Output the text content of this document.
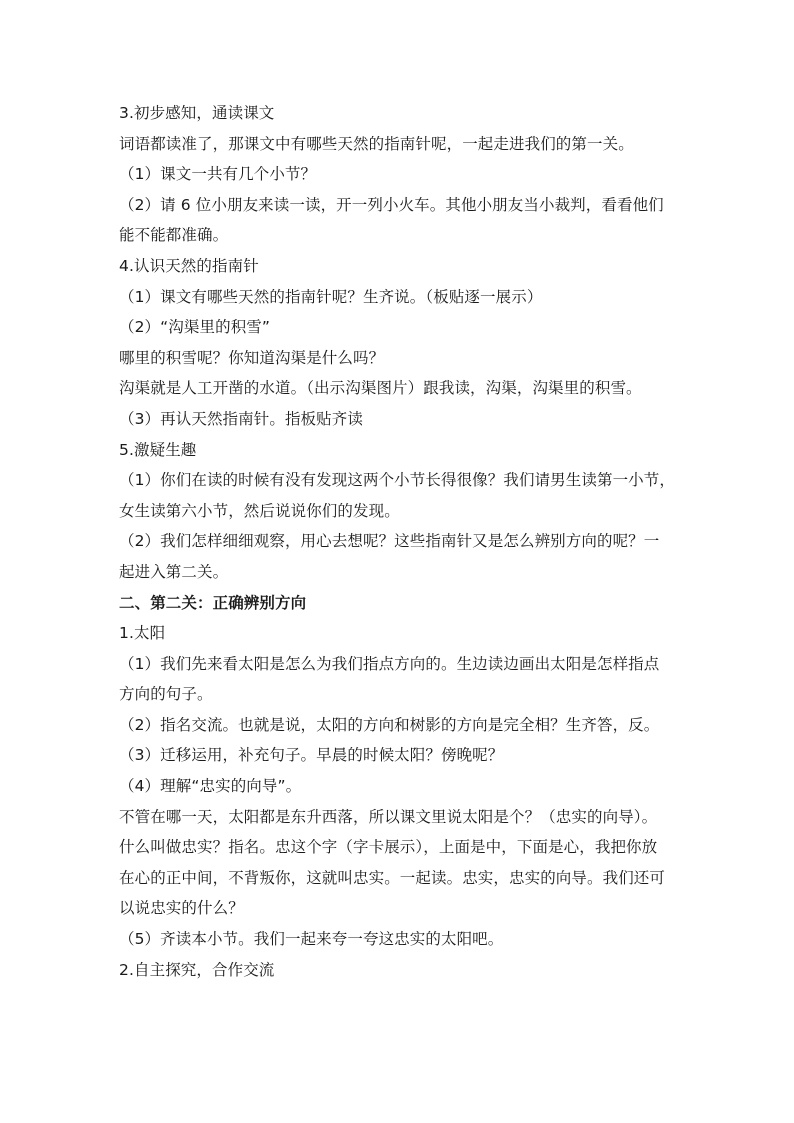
3.初步感知，通读课文
词语都读准了，那课文中有哪些天然的指南针呢，一起走进我们的第一关。
（1）课文一共有几个小节？
（2）请 6 位小朋友来读一读，开一列小火车。其他小朋友当小裁判，看看他们
能不能都准确。
4.认识天然的指南针
（1）课文有哪些天然的指南针呢？生齐说。（板贴逐一展示）
（2）“沟渠里的积雪”
哪里的积雪呢？你知道沟渠是什么吗？
沟渠就是人工开凿的水道。（出示沟渠图片）跟我读，沟渠，沟渠里的积雪。
（3）再认天然指南针。指板贴齐读
5.激疑生趣
（1）你们在读的时候有没有发现这两个小节长得很像？我们请男生读第一小节，
女生读第六小节，然后说说你们的发现。
（2）我们怎样细细观察，用心去想呢？这些指南针又是怎么辨别方向的呢？一
起进入第二关。
二、第二关：正确辨别方向
1.太阳
（1）我们先来看太阳是怎么为我们指点方向的。生边读边画出太阳是怎样指点
方向的句子。
（2）指名交流。也就是说，太阳的方向和树影的方向是完全相？生齐答，反。
（3）迁移运用，补充句子。早晨的时候太阳？傍晚呢？
（4）理解“忠实的向导”。
不管在哪一天，太阳都是东升西落，所以课文里说太阳是个？（忠实的向导）。
什么叫做忠实？指名。忠这个字（字卡展示），上面是中，下面是心，我把你放
在心的正中间，不背叛你，这就叫忠实。一起读。忠实，忠实的向导。我们还可
以说忠实的什么？
（5）齐读本小节。我们一起来夸一夸这忠实的太阳吧。
2.自主探究，合作交流
